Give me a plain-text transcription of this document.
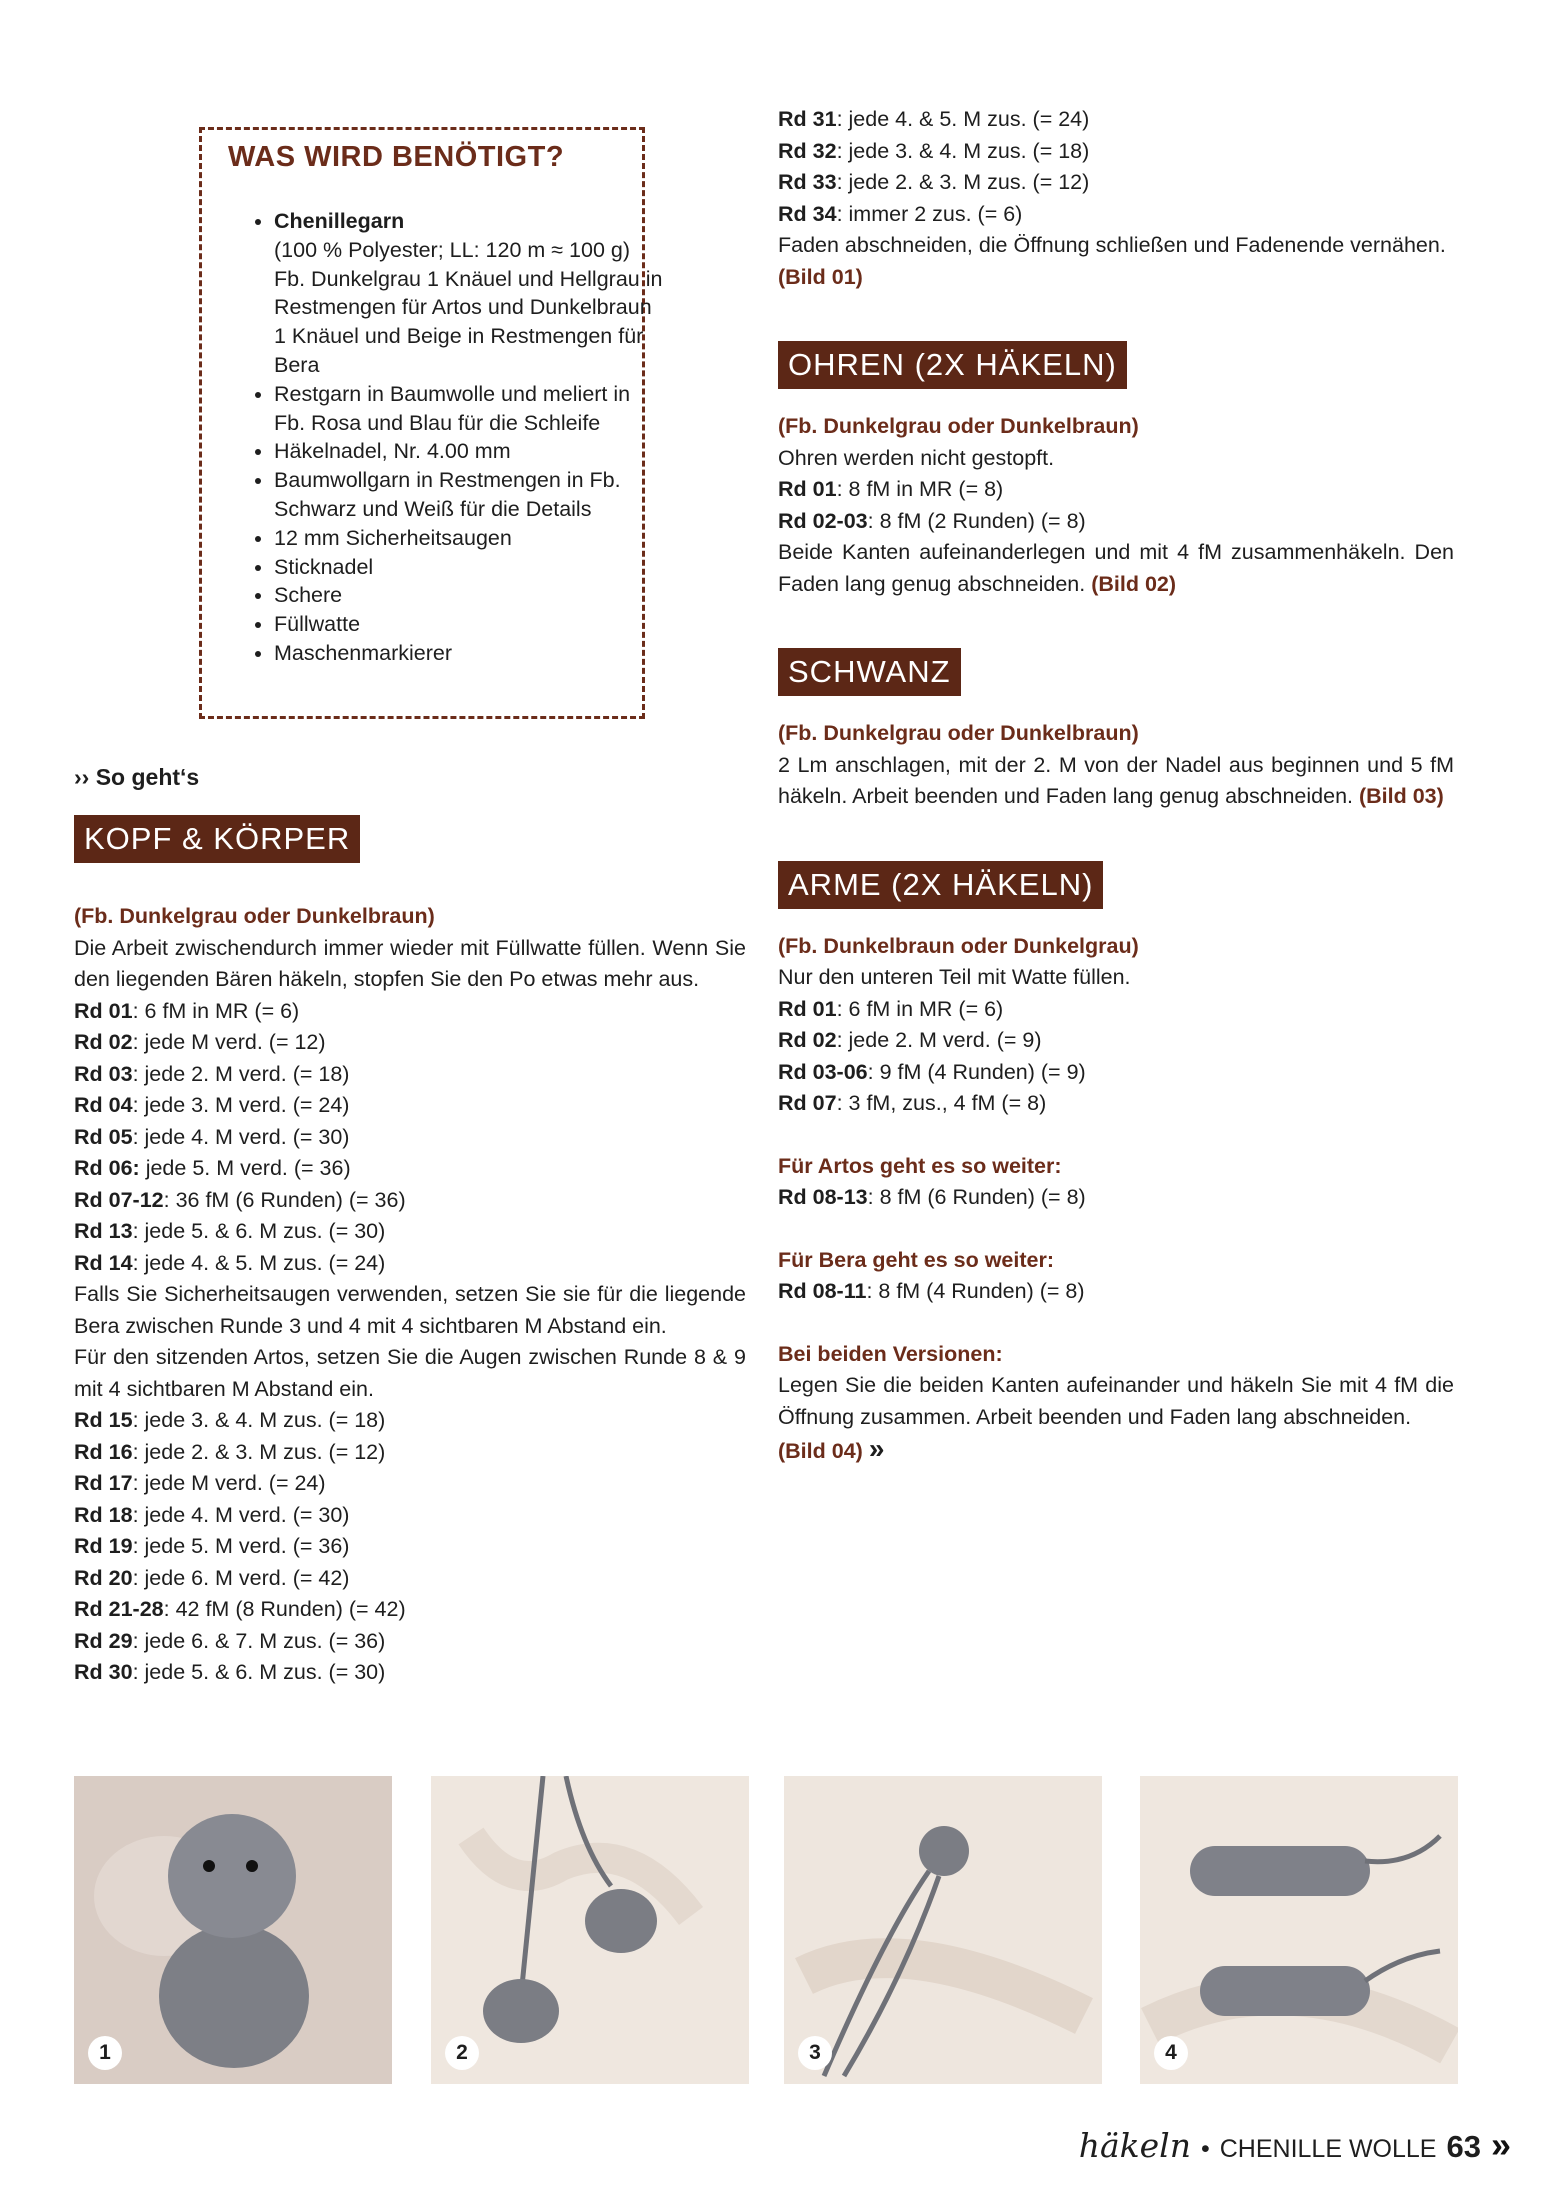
WAS WIRD BENÖTIGT?
• Chenillegarn
(100 % Polyester; LL: 120 m ≈ 100 g) Fb. Dunkelgrau 1 Knäuel und Hellgrau in Restmengen für Artos und Dunkelbraun 1 Knäuel und Beige in Restmengen für Bera
• Restgarn in Baumwolle und meliert in Fb. Rosa und Blau für die Schleife
• Häkelnadel, Nr. 4.00 mm
• Baumwollgarn in Restmengen in Fb. Schwarz und Weiß für die Details
• 12 mm Sicherheitsaugen
• Sticknadel
• Schere
• Füllwatte
• Maschenmarkierer
›› So geht‘s
KOPF & KÖRPER

(Fb. Dunkelgrau oder Dunkelbraun)

Die Arbeit zwischendurch immer wieder mit Füllwatte füllen. Wenn Sie den liegenden Bären häkeln, stopfen Sie den Po etwas mehr aus.

Rd 01: 6 fM in MR (= 6)

Rd 02: jede M verd. (= 12)

Rd 03: jede 2. M verd. (= 18)

Rd 04: jede 3. M verd. (= 24)

Rd 05: jede 4. M verd. (= 30)

Rd 06: jede 5. M verd. (= 36)

Rd 07-12: 36 fM (6 Runden) (= 36)

Rd 13: jede 5. & 6. M zus. (= 30)

Rd 14: jede 4. & 5. M zus. (= 24)

Falls Sie Sicherheitsaugen verwenden, setzen Sie sie für die liegende Bera zwischen Runde 3 und 4 mit 4 sichtbaren M Abstand ein.

Für den sitzenden Artos, setzen Sie die Augen zwischen Runde 8 & 9 mit 4 sichtbaren M Abstand ein.

Rd 15: jede 3. & 4. M zus. (= 18)

Rd 16: jede 2. & 3. M zus. (= 12)

Rd 17: jede M verd. (= 24)

Rd 18: jede 4. M verd. (= 30)

Rd 19: jede 5. M verd. (= 36)

Rd 20: jede 6. M verd. (= 42)

Rd 21-28: 42 fM (8 Runden) (= 42)

Rd 29: jede 6. & 7. M zus. (= 36)

Rd 30: jede 5. & 6. M zus. (= 30)

Rd 31: jede 4. & 5. M zus. (= 24)

Rd 32: jede 3. & 4. M zus. (= 18)

Rd 33: jede 2. & 3. M zus. (= 12)

Rd 34: immer 2 zus. (= 6)

Faden abschneiden, die Öffnung schließen und Fadenende vernähen.

(Bild 01)

OHREN (2X HÄKELN)

(Fb. Dunkelgrau oder Dunkelbraun)

Ohren werden nicht gestopft.

Rd 01: 8 fM in MR (= 8)

Rd 02-03: 8 fM (2 Runden) (= 8)

Beide Kanten aufeinanderlegen und mit 4 fM zusammenhäkeln. Den Faden lang genug abschneiden. (Bild 02)

SCHWANZ

(Fb. Dunkelgrau oder Dunkelbraun)

2 Lm anschlagen, mit der 2. M von der Nadel aus beginnen und 5 fM häkeln. Arbeit beenden und Faden lang genug abschneiden. (Bild 03)

ARME (2X HÄKELN)

(Fb. Dunkelbraun oder Dunkelgrau)

Nur den unteren Teil mit Watte füllen.

Rd 01: 6 fM in MR (= 6)

Rd 02: jede 2. M verd. (= 9)

Rd 03-06: 9 fM (4 Runden) (= 9)

Rd 07: 3 fM, zus., 4 fM (= 8)

Für Artos geht es so weiter:

Rd 08-13: 8 fM (6 Runden) (= 8)

Für Bera geht es so weiter:

Rd 08-11: 8 fM (4 Runden) (= 8)

Bei beiden Versionen:

Legen Sie die beiden Kanten aufeinander und häkeln Sie mit 4 fM die Öffnung zusammen. Arbeit beenden und Faden lang abschneiden.

(Bild 04) »

1	2	3	4
häkeln • CHENILLE WOLLE 63 »
